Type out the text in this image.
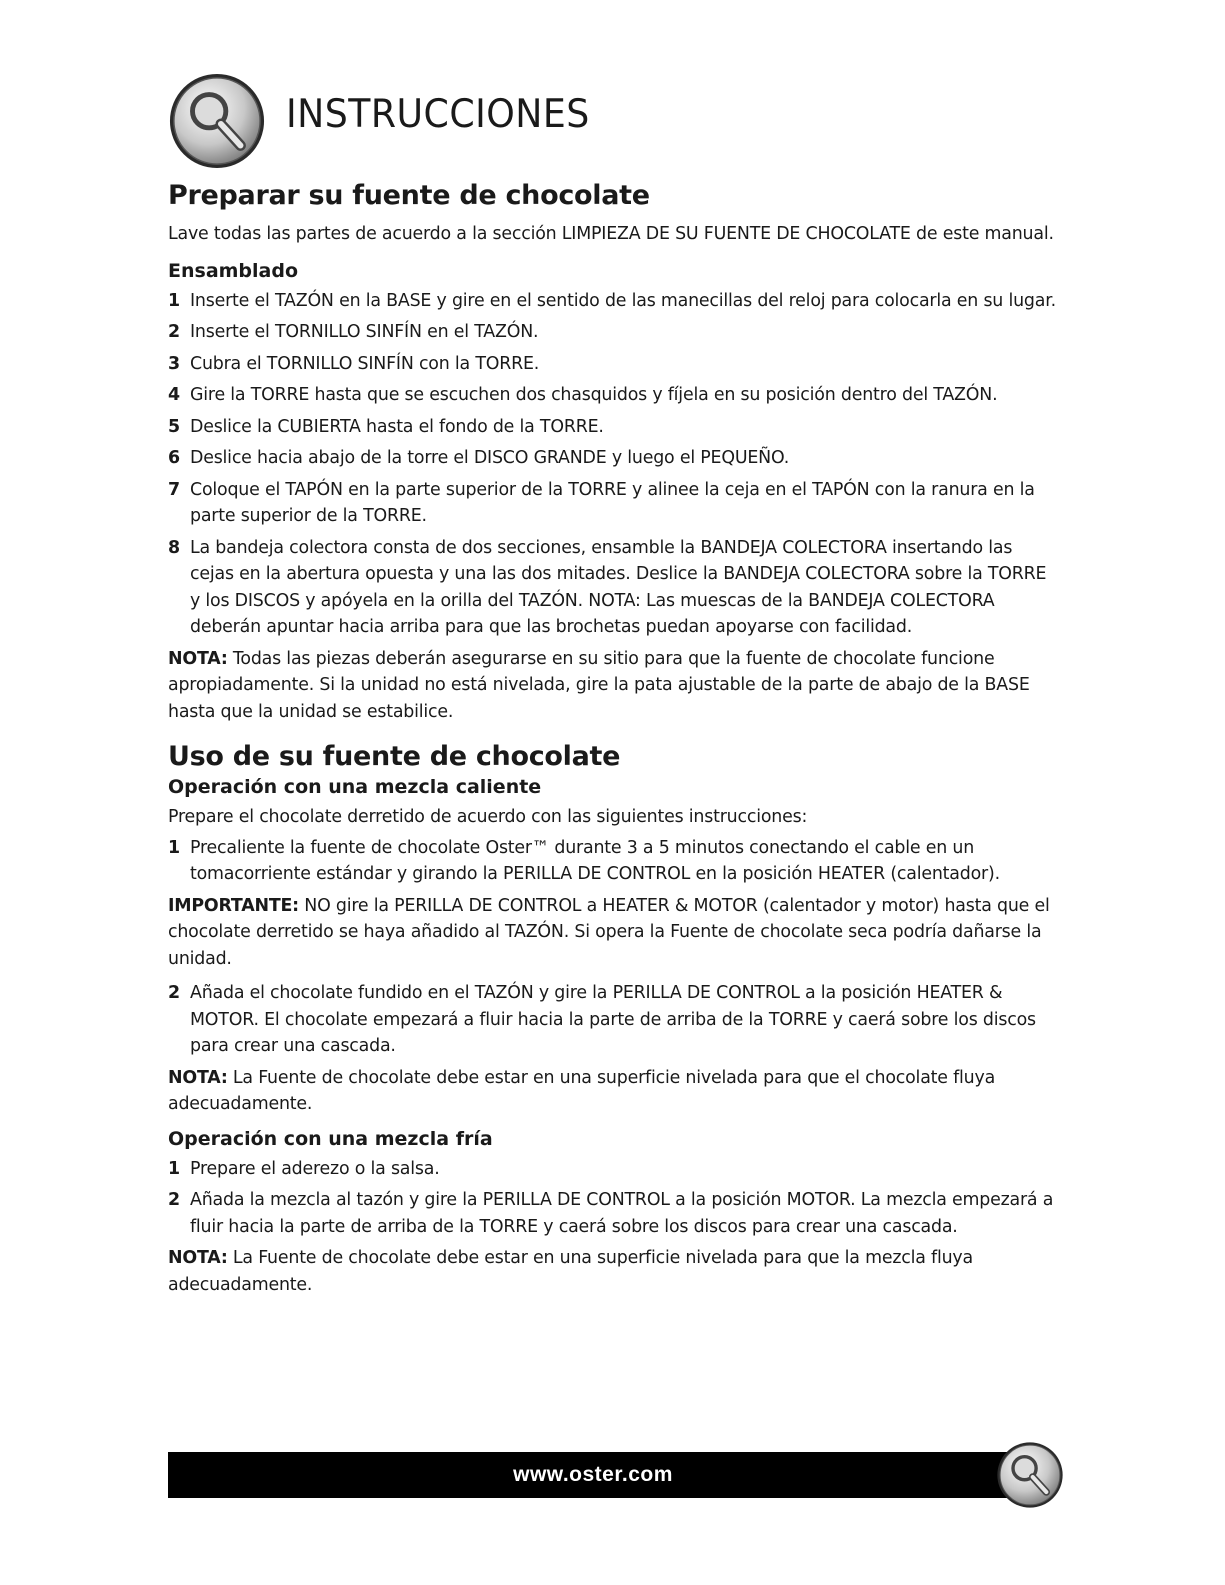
INSTRUCCIONES
Preparar su fuente de chocolate

Lave todas las partes de acuerdo a la sección LIMPIEZA DE SU FUENTE DE CHOCOLATE de este manual.

Ensamblado
1 Inserte el TAZÓN en la BASE y gire en el sentido de las manecillas del reloj para colocarla en su lugar.
2 Inserte el TORNILLO SINFÍN en el TAZÓN.
3 Cubra el TORNILLO SINFÍN con la TORRE.
4 Gire la TORRE hasta que se escuchen dos chasquidos y fíjela en su posición dentro del TAZÓN.
5 Deslice la CUBIERTA hasta el fondo de la TORRE.
6 Deslice hacia abajo de la torre el DISCO GRANDE y luego el PEQUEÑO.
7 Coloque el TAPÓN en la parte superior de la TORRE y alinee la ceja en el TAPÓN con la ranura en la parte superior de la TORRE.
8 La bandeja colectora consta de dos secciones, ensamble la BANDEJA COLECTORA insertando las cejas en la abertura opuesta y una las dos mitades. Deslice la BANDEJA COLECTORA sobre la TORRE y los DISCOS y apóyela en la orilla del TAZÓN. NOTA: Las muescas de la BANDEJA COLECTORA deberán apuntar hacia arriba para que las brochetas puedan apoyarse con facilidad.

NOTA: Todas las piezas deberán asegurarse en su sitio para que la fuente de chocolate funcione apropiadamente. Si la unidad no está nivelada, gire la pata ajustable de la parte de abajo de la BASE hasta que la unidad se estabilice.

Uso de su fuente de chocolate
Operación con una mezcla caliente

Prepare el chocolate derretido de acuerdo con las siguientes instrucciones:

1 Precaliente la fuente de chocolate Oster™ durante 3 a 5 minutos conectando el cable en un tomacorriente estándar y girando la PERILLA DE CONTROL en la posición HEATER (calentador).

IMPORTANTE: NO gire la PERILLA DE CONTROL a HEATER & MOTOR (calentador y motor) hasta que el chocolate derretido se haya añadido al TAZÓN. Si opera la Fuente de chocolate seca podría dañarse la unidad.

2 Añada el chocolate fundido en el TAZÓN y gire la PERILLA DE CONTROL a la posición HEATER & MOTOR. El chocolate empezará a fluir hacia la parte de arriba de la TORRE y caerá sobre los discos para crear una cascada.

NOTA: La Fuente de chocolate debe estar en una superficie nivelada para que el chocolate fluya adecuadamente.

Operación con una mezcla fría
1 Prepare el aderezo o la salsa.
2 Añada la mezcla al tazón y gire la PERILLA DE CONTROL a la posición MOTOR. La mezcla empezará a fluir hacia la parte de arriba de la TORRE y caerá sobre los discos para crear una cascada.

NOTA: La Fuente de chocolate debe estar en una superficie nivelada para que la mezcla fluya adecuadamente.

www.oster.com	17
